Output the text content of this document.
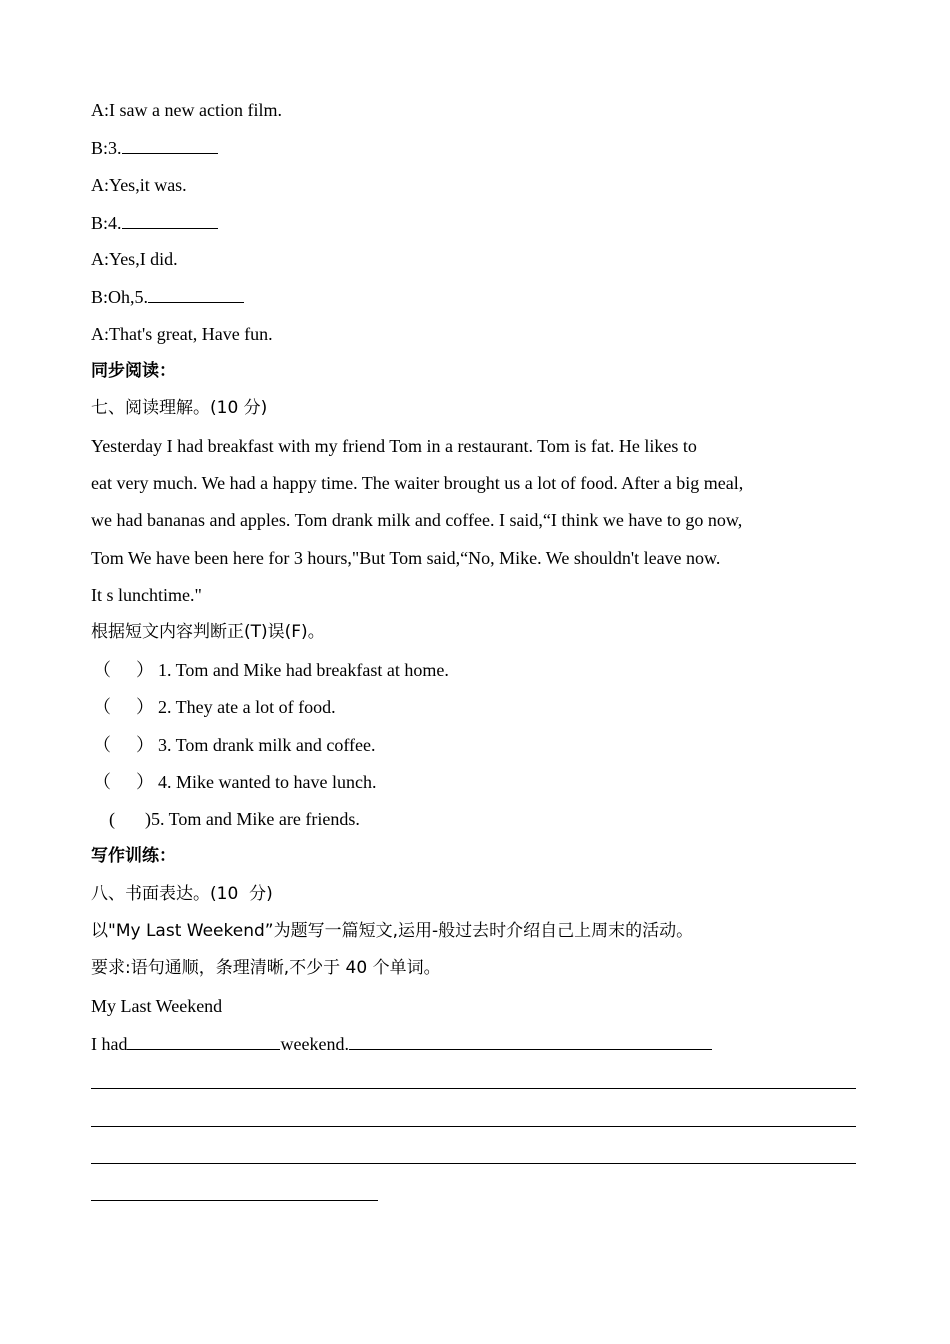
A:I saw a new action film.
B:3.
A:Yes,it was.
B:4.
A:Yes,I did.
B:Oh,5.
A:That's great, Have fun.
同步阅读：
七、阅读理解。(10 分)
Yesterday I had breakfast with my friend Tom in a restaurant. Tom is fat. He likes to
eat very much. We had a happy time. The waiter brought us a lot of food. After a big meal,
we had bananas and apples. Tom drank milk and coffee. I said,“I think we have to go now,
Tom We have been here for 3 hours,"But Tom said,“No, Mike. We shouldn't leave now.
It s lunchtime."
根据短文内容判断正(T)误(F)。
（ ） 1. Tom and Mike had breakfast at home.
（ ） 2. They ate a lot of food.
（ ） 3. Tom drank milk and coffee.
（ ） 4. Mike wanted to have lunch.
( )5. Tom and Mike are friends.
写作训练：
八、书面表达。(10  分)
以"My Last Weekend”为题写一篇短文,运用-般过去时介绍自己上周末的活动。
要求:语句通顺，条理清晰,不少于 40 个单词。
My Last Weekend
I had	weekend.
